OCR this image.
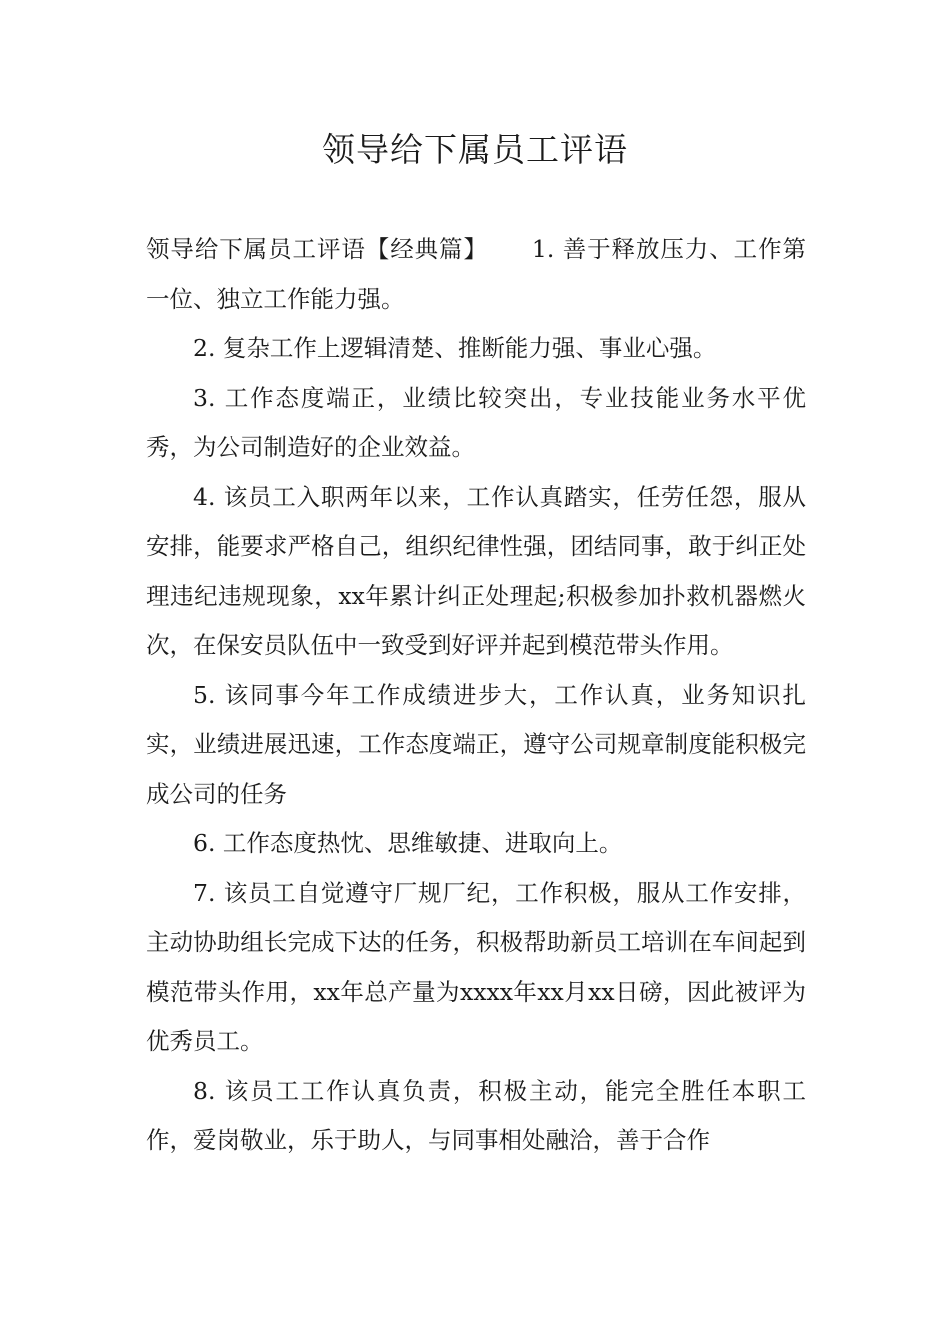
领导给下属员工评语

领导给下属员工评语【经典篇】 1. 善于释放压力、工作第一位、独立工作能力强。

2. 复杂工作上逻辑清楚、推断能力强、事业心强。

3. 工作态度端正，业绩比较突出，专业技能业务水平优秀，为公司制造好的企业效益。

4. 该员工入职两年以来，工作认真踏实，任劳任怨，服从安排，能要求严格自己，组织纪律性强，团结同事，敢于纠正处理违纪违规现象，xx年累计纠正处理起;积极参加扑救机器燃火次，在保安员队伍中一致受到好评并起到模范带头作用。

5. 该同事今年工作成绩进步大，工作认真，业务知识扎实，业绩进展迅速，工作态度端正，遵守公司规章制度能积极完成公司的任务

6. 工作态度热忱、思维敏捷、进取向上。

7. 该员工自觉遵守厂规厂纪，工作积极，服从工作安排，主动协助组长完成下达的任务，积极帮助新员工培训在车间起到模范带头作用，xx年总产量为xxxx年xx月xx日磅，因此被评为优秀员工。

8. 该员工工作认真负责，积极主动，能完全胜任本职工作，爱岗敬业，乐于助人，与同事相处融洽，善于合作
